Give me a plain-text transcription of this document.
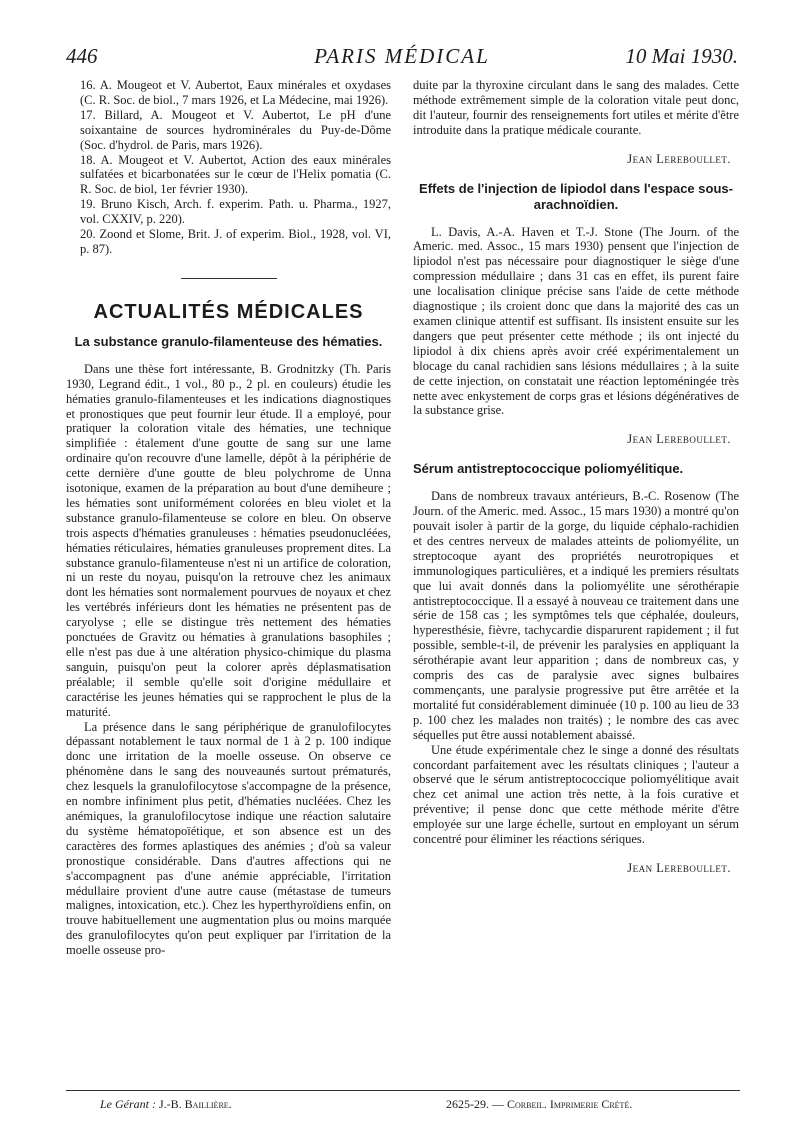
446	PARIS MÉDICAL	10 Mai 1930.

16. A. Mougeot et V. Aubertot, Eaux minérales et oxydases (C. R. Soc. de biol., 7 mars 1926, et La Médecine, mai 1926).

17. Billard, A. Mougeot et V. Aubertot, Le pH d'une soixantaine de sources hydrominérales du Puy-de-Dôme (Soc. d'hydrol. de Paris, mars 1926).

18. A. Mougeot et V. Aubertot, Action des eaux minérales sulfatées et bicarbonatées sur le cœur de l'Helix pomatia (C. R. Soc. de biol, 1er février 1930).

19. Bruno Kisch, Arch. f. experim. Path. u. Pharma., 1927, vol. CXXIV, p. 220).

20. Zoond et Slome, Brit. J. of experim. Biol., 1928, vol. VI, p. 87).

ACTUALITÉS MÉDICALES
La substance granulo-filamenteuse des hématies.

Dans une thèse fort intéressante, B. Grodnitzky (Th. Paris 1930, Legrand édit., 1 vol., 80 p., 2 pl. en couleurs) étudie les hématies granulo-filamenteuses et les indications diagnostiques et pronostiques que peut fournir leur étude. Il a employé, pour pratiquer la coloration vitale des hématies, une technique simplifiée : étalement d'une goutte de sang sur une lame ordinaire qu'on recouvre d'une lamelle, dépôt à la périphérie de cette dernière d'une goutte de bleu polychrome de Unna isotonique, examen de la préparation au bout d'une demiheure ; les hématies sont uniformément colorées en bleu violet et la substance granulo-filamenteuse se colore en bleu. On observe trois aspects d'hématies granuleuses : hématies pseudonucléées, hématies réticulaires, hématies granuleuses proprement dites. La substance granulo-filamenteuse n'est ni un artifice de coloration, ni un reste du noyau, puisqu'on la retrouve chez les animaux dont les hématies sont normalement pourvues de noyaux et chez les vertébrés inférieurs dont les hématies ne présentent pas de caryolyse ; elle se distingue très nettement des hématies ponctuées de Gravitz ou hématies à granulations basophiles ; elle n'est pas due à une altération physico-chimique du plasma sanguin, puisqu'on peut la colorer après déplasmatisation préalable; il semble qu'elle soit d'origine médullaire et caractérise les jeunes hématies qui se rapprochent le plus de la maturité.

La présence dans le sang périphérique de granulofilocytes dépassant notablement le taux normal de 1 à 2 p. 100 indique donc une irritation de la moelle osseuse. On observe ce phénomène dans le sang des nouveaunés surtout prématurés, chez lesquels la granulofilocytose s'accompagne de la présence, en nombre infiniment plus petit, d'hématies nucléées. Chez les anémiques, la granulofilocytose indique une réaction salutaire du système hématopoïétique, et son absence est un des caractères des formes aplastiques des anémies ; d'où sa valeur pronostique considérable. Dans d'autres affections qui ne s'accompagnent pas d'une anémie appréciable, l'irritation médullaire provient d'une autre cause (métastase de tumeurs malignes, intoxication, etc.). Chez les hyperthyroïdiens enfin, on trouve habituellement une augmentation plus ou moins marquée des granulofilocytes qu'on peut expliquer par l'irritation de la moelle osseuse pro-

duite par la thyroxine circulant dans le sang des malades. Cette méthode extrêmement simple de la coloration vitale peut donc, dit l'auteur, fournir des renseignements fort utiles et mérite d'être introduite dans la pratique médicale courante.

Jean Lereboullet.
Effets de l'injection de lipiodol dans l'espace sous-arachnoïdien.

L. Davis, A.-A. Haven et T.-J. Stone (The Journ. of the Americ. med. Assoc., 15 mars 1930) pensent que l'injection de lipiodol n'est pas nécessaire pour diagnostiquer le siège d'une compression médullaire ; dans 31 cas en effet, ils purent faire une localisation clinique précise sans l'aide de cette méthode diagnostique ; ils croient donc que dans la majorité des cas un examen clinique attentif est suffisant. Ils insistent ensuite sur les dangers que peut présenter cette méthode ; ils ont injecté du lipiodol à dix chiens après avoir créé expérimentalement un blocage du canal rachidien sans lésions médullaires ; à la suite de cette injection, on constatait une réaction leptoméningée très nette avec enkystement de corps gras et lésions dégénératives de la substance grise.

Jean Lereboullet.
Sérum antistreptococcique poliomyélitique.

Dans de nombreux travaux antérieurs, B.-C. Rosenow (The Journ. of the Americ. med. Assoc., 15 mars 1930) a montré qu'on pouvait isoler à partir de la gorge, du liquide céphalo-rachidien et des centres nerveux de malades atteints de poliomyélite, un streptocoque ayant des propriétés neurotropiques et immunologiques particulières, et a indiqué les premiers résultats que lui avait donnés dans la poliomyélite une sérothérapie antistreptococcique. Il a essayé à nouveau ce traitement dans une série de 158 cas ; les symptômes tels que céphalée, douleurs, hyperesthésie, fièvre, tachycardie disparurent rapidement ; il fut possible, semble-t-il, de prévenir les paralysies en appliquant la sérothérapie avant leur apparition ; dans de nombreux cas, y compris des cas de paralysie avec signes bulbaires commençants, une paralysie progressive put être arrêtée et la mortalité fut considérablement diminuée (10 p. 100 au lieu de 33 p. 100 chez les malades non traités) ; le nombre des cas avec séquelles put être aussi notablement abaissé.

Une étude expérimentale chez le singe a donné des résultats concordant parfaitement avec les résultats cliniques ; l'auteur a observé que le sérum antistreptococcique poliomyélitique avait chez cet animal une action très nette, à la fois curative et préventive; il pense donc que cette méthode mérite d'être employée sur une large échelle, surtout en employant un sérum concentré pour éliminer les réactions sériques.

Jean Lereboullet.
Le Gérant : J.-B. Baillière.	2625-29. — Corbeil. Imprimerie Crété.
